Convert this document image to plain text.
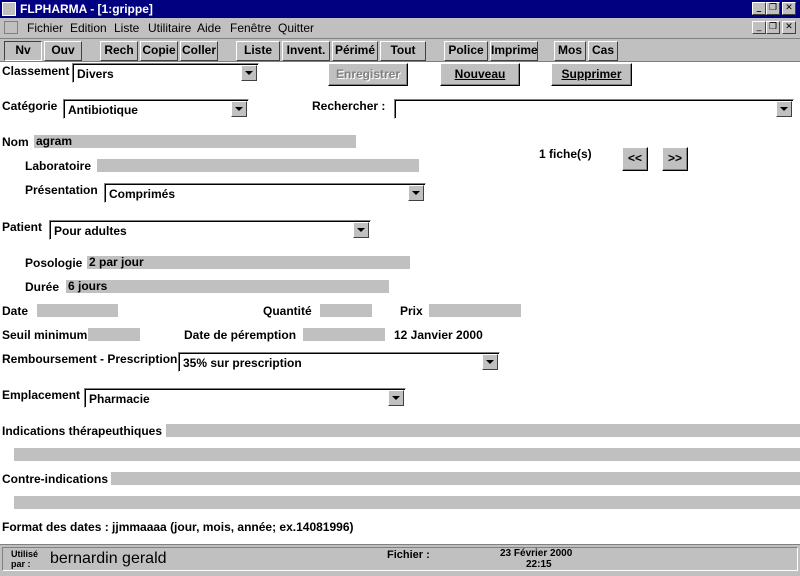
FLPHARMA - [1:grippe]	_ ❐ ✕
Fichier Edition Liste Utilitaire Aide Fenêtre Quitter	_ ❐ ✕
Nv	Ouv	Rech Copie Coller	Liste	Invent. Périmé	Tout	Police Imprime	Mos Cas
Classement Divers	Enregistrer	Nouveau	Supprimer
Catégorie Antibiotique	Rechercher :
Nom agram
1 fiche(s)	<<	>>
Laboratoire
Présentation Comprimés
Patient Pour adultes
Posologie 2 par jour
Durée 6 jours
Date	Quantité	Prix
Seuil minimum	Date de péremption	12 Janvier 2000
Remboursement - Prescription 35% sur prescription
Emplacement Pharmacie
Indications thérapeuthiques
Contre-indications
Format des dates : jjmmaaaa (jour, mois, année; ex.14081996)
Utilisé
par :	bernardin gerald	Fichier :	23 Février 2000
22:15
